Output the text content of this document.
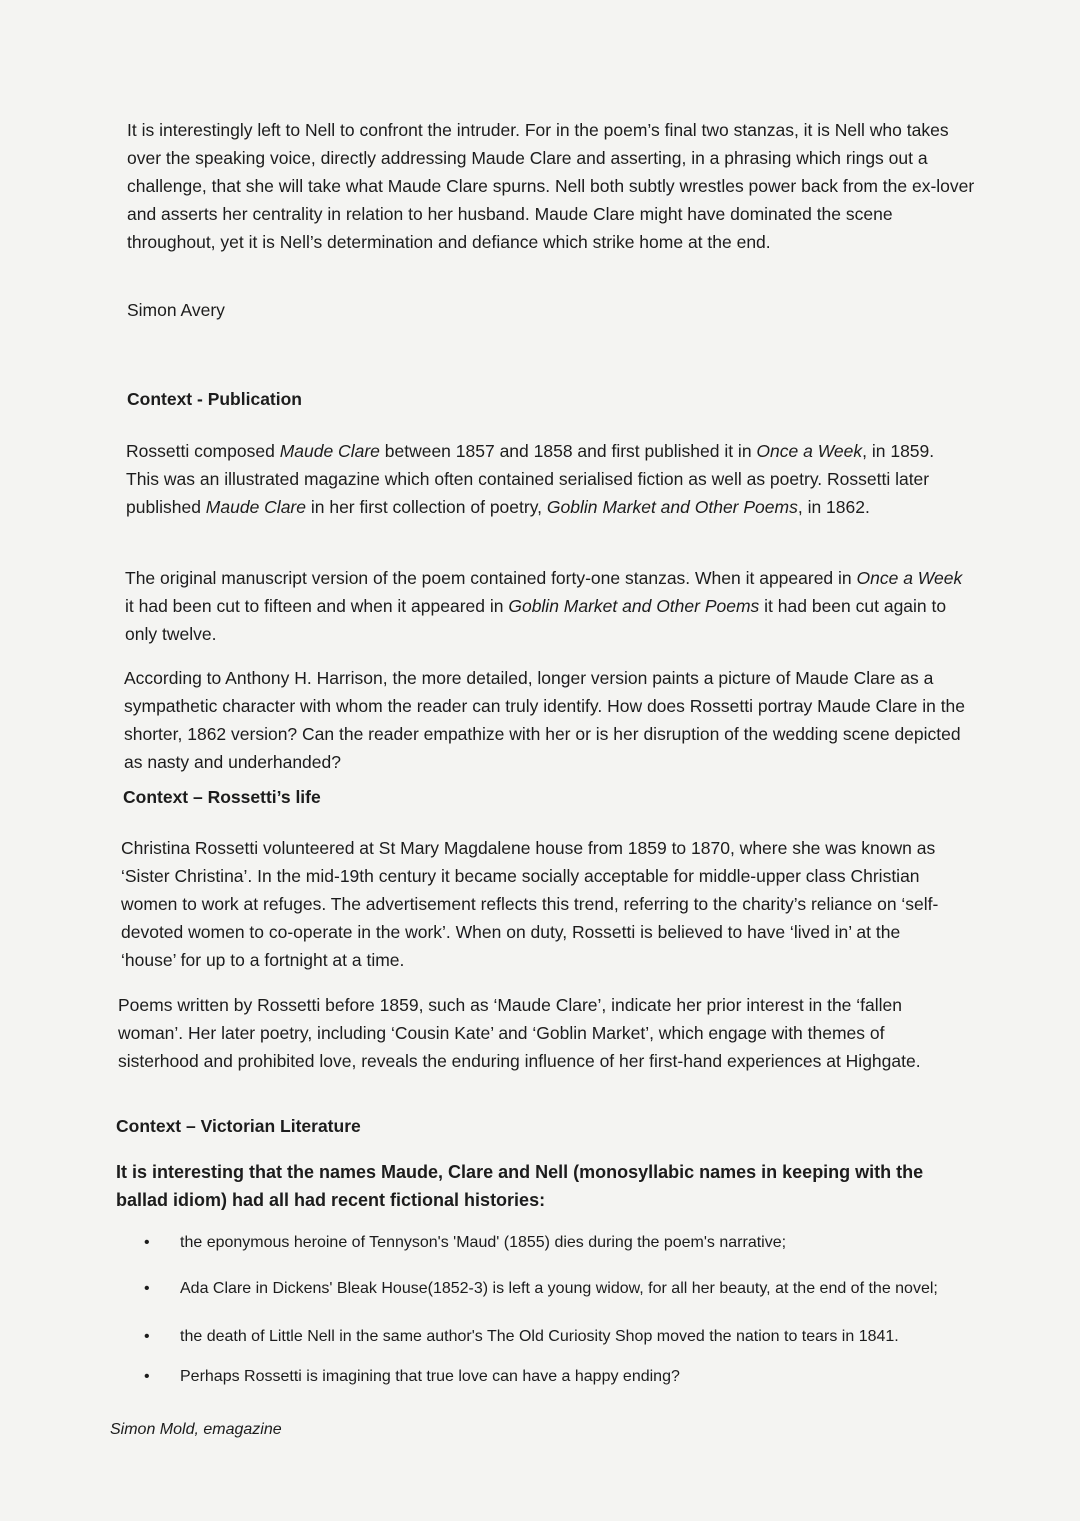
It is interestingly left to Nell to confront the intruder. For in the poem’s final two stanzas, it is Nell who takes over the speaking voice, directly addressing Maude Clare and asserting, in a phrasing which rings out a challenge, that she will take what Maude Clare spurns. Nell both subtly wrestles power back from the ex-lover and asserts her centrality in relation to her husband. Maude Clare might have dominated the scene throughout, yet it is Nell’s determination and defiance which strike home at the end.

Simon Avery

Context - Publication

Rossetti composed Maude Clare between 1857 and 1858 and first published it in Once a Week, in 1859. This was an illustrated magazine which often contained serialised fiction as well as poetry. Rossetti later published Maude Clare in her first collection of poetry, Goblin Market and Other Poems, in 1862.

The original manuscript version of the poem contained forty-one stanzas. When it appeared in Once a Week it had been cut to fifteen and when it appeared in Goblin Market and Other Poems it had been cut again to only twelve.

According to Anthony H. Harrison, the more detailed, longer version paints a picture of Maude Clare as a sympathetic character with whom the reader can truly identify. How does Rossetti portray Maude Clare in the shorter, 1862 version? Can the reader empathize with her or is her disruption of the wedding scene depicted as nasty and underhanded?

Context – Rossetti’s life

Christina Rossetti volunteered at St Mary Magdalene house from 1859 to 1870, where she was known as ‘Sister Christina’. In the mid-19th century it became socially acceptable for middle-upper class Christian women to work at refuges. The advertisement reflects this trend, referring to the charity’s reliance on ‘self-devoted women to co-operate in the work’. When on duty, Rossetti is believed to have ‘lived in’ at the ‘house’ for up to a fortnight at a time.

Poems written by Rossetti before 1859, such as ‘Maude Clare’, indicate her prior interest in the ‘fallen woman’. Her later poetry, including ‘Cousin Kate’ and ‘Goblin Market’, which engage with themes of sisterhood and prohibited love, reveals the enduring influence of her first-hand experiences at Highgate.

Context – Victorian Literature

It is interesting that the names Maude, Clare and Nell (monosyllabic names in keeping with the ballad idiom) had all had recent fictional histories:

• the eponymous heroine of Tennyson's 'Maud' (1855) dies during the poem's narrative;
• Ada Clare in Dickens' Bleak House(1852-3) is left a young widow, for all her beauty, at the end of the novel;
• the death of Little Nell in the same author's The Old Curiosity Shop moved the nation to tears in 1841.
• Perhaps Rossetti is imagining that true love can have a happy ending?

Simon Mold, emagazine
